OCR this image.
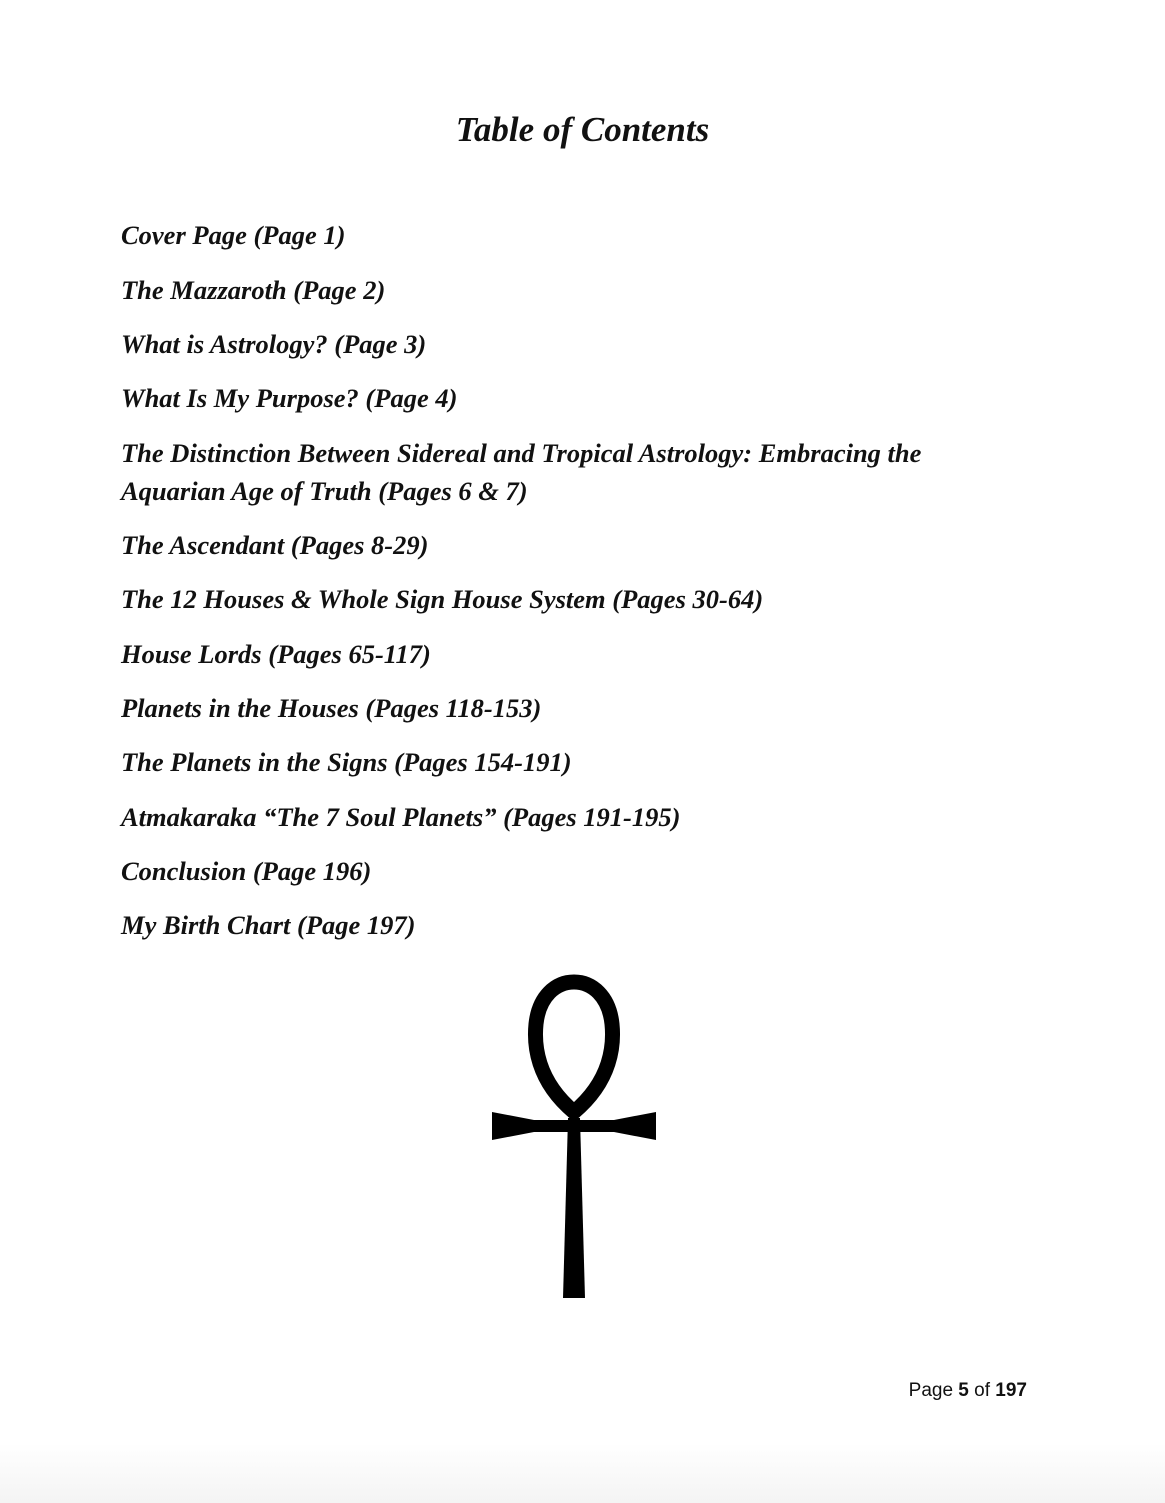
Table of Contents
Cover Page (Page 1)
The Mazzaroth (Page 2)
What is Astrology? (Page 3)
What Is My Purpose? (Page 4)
The Distinction Between Sidereal and Tropical Astrology: Embracing the
Aquarian Age of Truth (Pages 6 & 7)
The Ascendant (Pages 8-29)
The 12 Houses & Whole Sign House System (Pages 30-64)
House Lords (Pages 65-117)
Planets in the Houses (Pages 118-153)
The Planets in the Signs (Pages 154-191)
Atmakaraka “The 7 Soul Planets” (Pages 191-195)
Conclusion (Page 196)
My Birth Chart (Page 197)
Page 5 of 197
